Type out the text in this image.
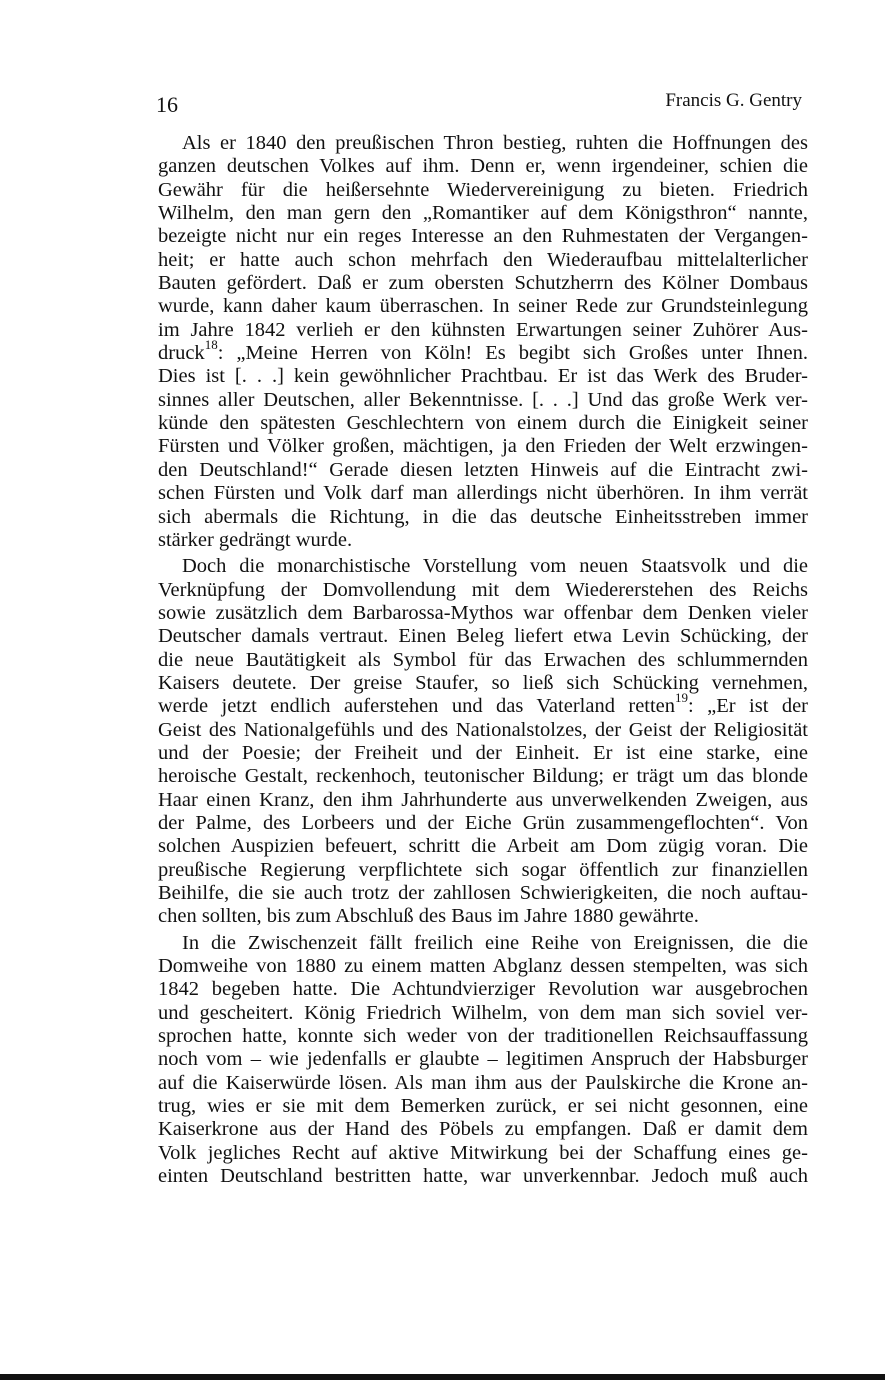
16	Francis G. Gentry
Als er 1840 den preußischen Thron bestieg, ruhten die Hoffnungen des
ganzen deutschen Volkes auf ihm. Denn er, wenn irgendeiner, schien die
Gewähr für die heißersehnte Wiedervereinigung zu bieten. Friedrich
Wilhelm, den man gern den „Romantiker auf dem Königsthron“ nannte,
bezeigte nicht nur ein reges Interesse an den Ruhmestaten der Vergangen-
heit; er hatte auch schon mehrfach den Wiederaufbau mittelalterlicher
Bauten gefördert. Daß er zum obersten Schutzherrn des Kölner Dombaus
wurde, kann daher kaum überraschen. In seiner Rede zur Grundsteinlegung
im Jahre 1842 verlieh er den kühnsten Erwartungen seiner Zuhörer Aus-
druck$^{18}$: „Meine Herren von Köln! Es begibt sich Großes unter Ihnen.
Dies ist [. . .] kein gewöhnlicher Prachtbau. Er ist das Werk des Bruder-
sinnes aller Deutschen, aller Bekenntnisse. [. . .] Und das große Werk ver-
künde den spätesten Geschlechtern von einem durch die Einigkeit seiner
Fürsten und Völker großen, mächtigen, ja den Frieden der Welt erzwingen-
den Deutschland!“ Gerade diesen letzten Hinweis auf die Eintracht zwi-
schen Fürsten und Volk darf man allerdings nicht überhören. In ihm verrät
sich abermals die Richtung, in die das deutsche Einheitsstreben immer
stärker gedrängt wurde.
Doch die monarchistische Vorstellung vom neuen Staatsvolk und die
Verknüpfung der Domvollendung mit dem Wiedererstehen des Reichs
sowie zusätzlich dem Barbarossa-Mythos war offenbar dem Denken vieler
Deutscher damals vertraut. Einen Beleg liefert etwa Levin Schücking, der
die neue Bautätigkeit als Symbol für das Erwachen des schlummernden
Kaisers deutete. Der greise Staufer, so ließ sich Schücking vernehmen,
werde jetzt endlich auferstehen und das Vaterland retten$^{19}$: „Er ist der
Geist des Nationalgefühls und des Nationalstolzes, der Geist der Religiosität
und der Poesie; der Freiheit und der Einheit. Er ist eine starke, eine
heroische Gestalt, reckenhoch, teutonischer Bildung; er trägt um das blonde
Haar einen Kranz, den ihm Jahrhunderte aus unverwelkenden Zweigen, aus
der Palme, des Lorbeers und der Eiche Grün zusammengeflochten“. Von
solchen Auspizien befeuert, schritt die Arbeit am Dom zügig voran. Die
preußische Regierung verpflichtete sich sogar öffentlich zur finanziellen
Beihilfe, die sie auch trotz der zahllosen Schwierigkeiten, die noch auftau-
chen sollten, bis zum Abschluß des Baus im Jahre 1880 gewährte.
In die Zwischenzeit fällt freilich eine Reihe von Ereignissen, die die
Domweihe von 1880 zu einem matten Abglanz dessen stempelten, was sich
1842 begeben hatte. Die Achtundvierziger Revolution war ausgebrochen
und gescheitert. König Friedrich Wilhelm, von dem man sich soviel ver-
sprochen hatte, konnte sich weder von der traditionellen Reichsauffassung
noch vom – wie jedenfalls er glaubte – legitimen Anspruch der Habsburger
auf die Kaiserwürde lösen. Als man ihm aus der Paulskirche die Krone an-
trug, wies er sie mit dem Bemerken zurück, er sei nicht gesonnen, eine
Kaiserkrone aus der Hand des Pöbels zu empfangen. Daß er damit dem
Volk jegliches Recht auf aktive Mitwirkung bei der Schaffung eines ge-
einten Deutschland bestritten hatte, war unverkennbar. Jedoch muß auch
